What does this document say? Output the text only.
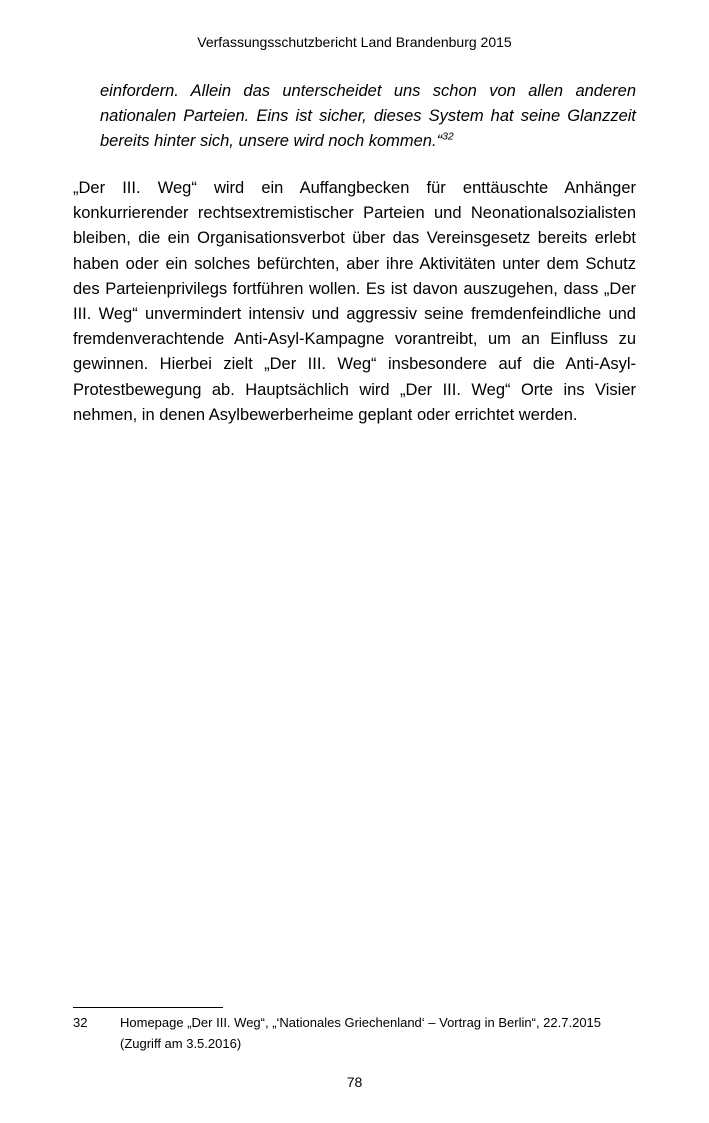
Verfassungsschutzbericht Land Brandenburg 2015

einfordern. Allein das unterscheidet uns schon von allen anderen nationalen Parteien. Eins ist sicher, dieses System hat seine Glanzzeit bereits hinter sich, unsere wird noch kommen.“$^{32}$

„Der III. Weg“ wird ein Auffangbecken für enttäuschte Anhänger konkurrierender rechtsextremistischer Parteien und Neonationalsozialisten bleiben, die ein Organisationsverbot über das Vereinsgesetz bereits erlebt haben oder ein solches befürchten, aber ihre Aktivitäten unter dem Schutz des Parteienprivilegs fortführen wollen. Es ist davon auszugehen, dass „Der III. Weg“ unvermindert intensiv und aggressiv seine fremdenfeindliche und fremdenverachtende Anti-Asyl-Kampagne vorantreibt, um an Einfluss zu gewinnen. Hierbei zielt „Der III. Weg“ insbesondere auf die Anti-Asyl-Protestbewegung ab. Hauptsächlich wird „Der III. Weg“ Orte ins Visier nehmen, in denen Asylbewerberheime geplant oder errichtet werden.

32	Homepage „Der III. Weg“, „‘Nationales Griechenland‘ – Vortrag in Berlin“, 22.7.2015
(Zugriff am 3.5.2016)
78
